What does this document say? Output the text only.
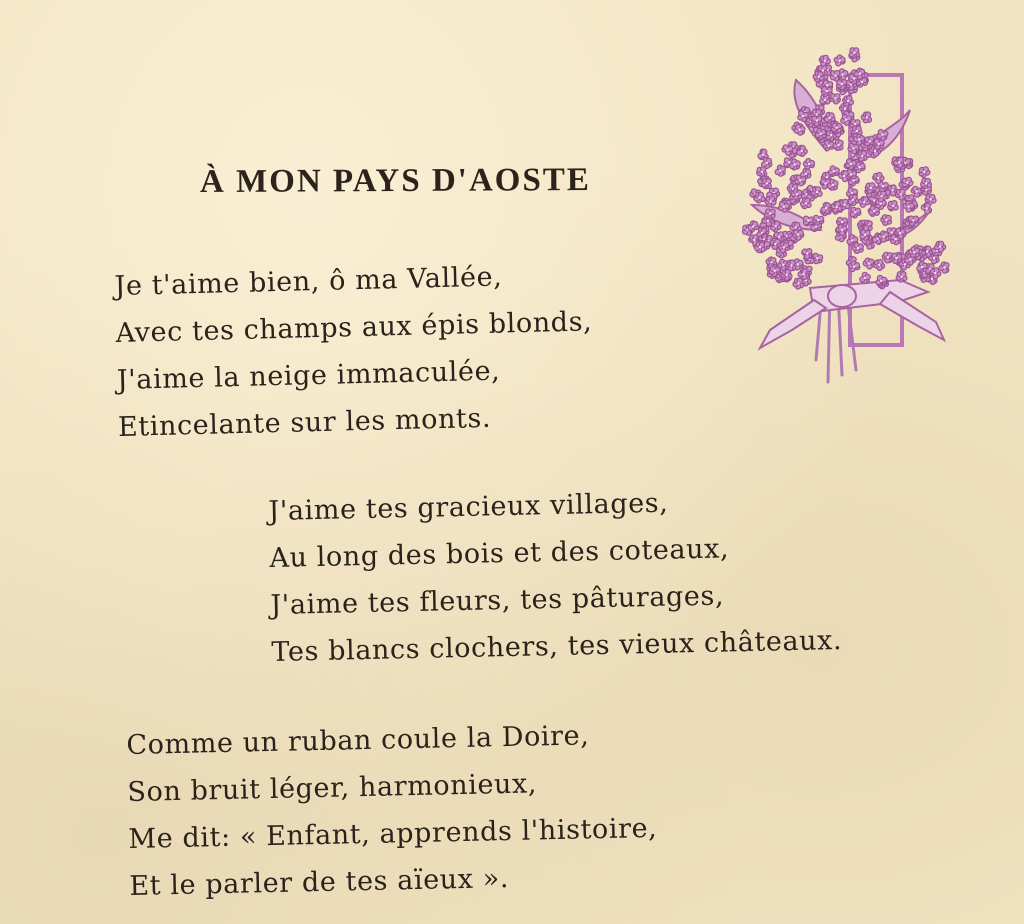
À MON PAYS D'AOSTE
Je t'aime bien, ô ma Vallée,
Avec tes champs aux épis blonds,
J'aime la neige immaculée,
Etincelante sur les monts.
J'aime tes gracieux villages,
Au long des bois et des coteaux,
J'aime tes fleurs, tes pâturages,
Tes blancs clochers, tes vieux châteaux.
Comme un ruban coule la Doire,
Son bruit léger, harmonieux,
Me dit: « Enfant, apprends l'histoire,
Et le parler de tes aïeux ».
